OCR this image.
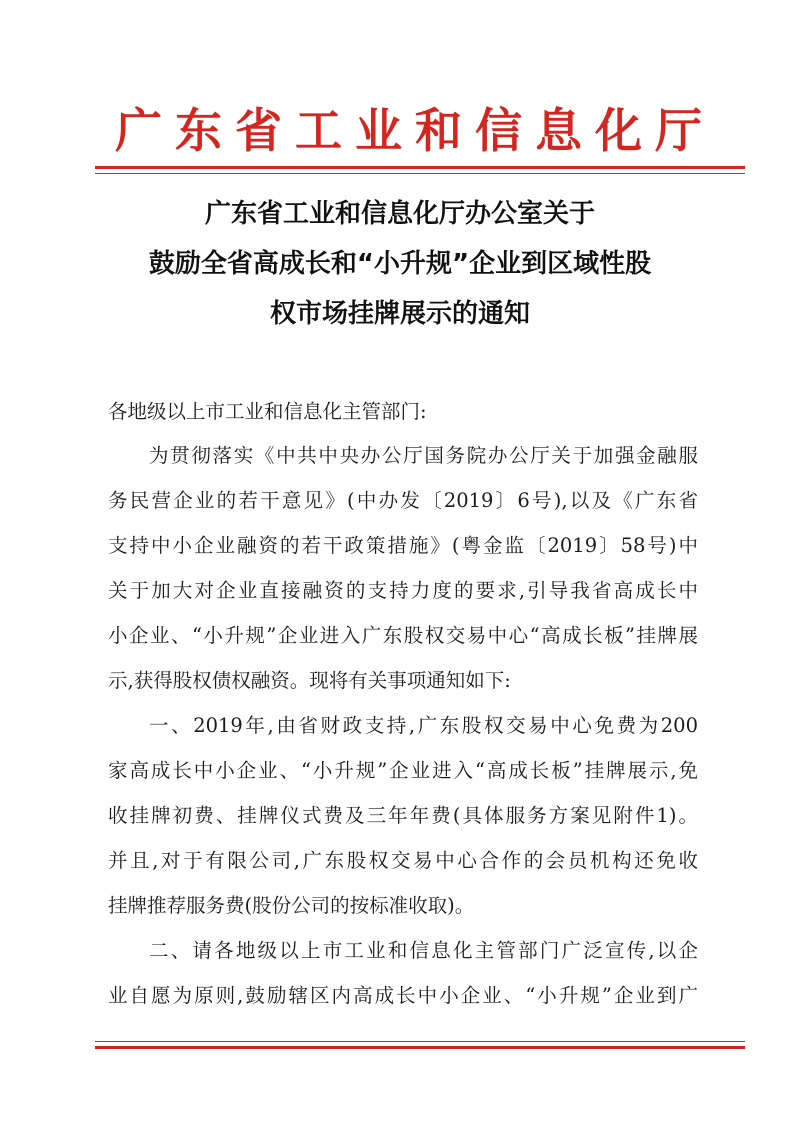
广东省工业和信息化厅
广东省工业和信息化厅办公室关于
鼓励全省高成长和“小升规”企业到区域性股
权市场挂牌展示的通知
各地级以上市工业和信息化主管部门:
为贯彻落实《中共中央办公厅国务院办公厅关于加强金融服
务民营企业的若干意见》(中办发〔2019〕6号),以及《广东省
支持中小企业融资的若干政策措施》(粤金监〔2019〕58号)中
关于加大对企业直接融资的支持力度的要求,引导我省高成长中
小企业、“小升规”企业进入广东股权交易中心“高成长板”挂牌展
示,获得股权债权融资。现将有关事项通知如下:
一、2019年,由省财政支持,广东股权交易中心免费为200
家高成长中小企业、“小升规”企业进入“高成长板”挂牌展示,免
收挂牌初费、挂牌仪式费及三年年费(具体服务方案见附件1)。
并且,对于有限公司,广东股权交易中心合作的会员机构还免收
挂牌推荐服务费(股份公司的按标准收取)。
二、请各地级以上市工业和信息化主管部门广泛宣传,以企
业自愿为原则,鼓励辖区内高成长中小企业、“小升规”企业到广
